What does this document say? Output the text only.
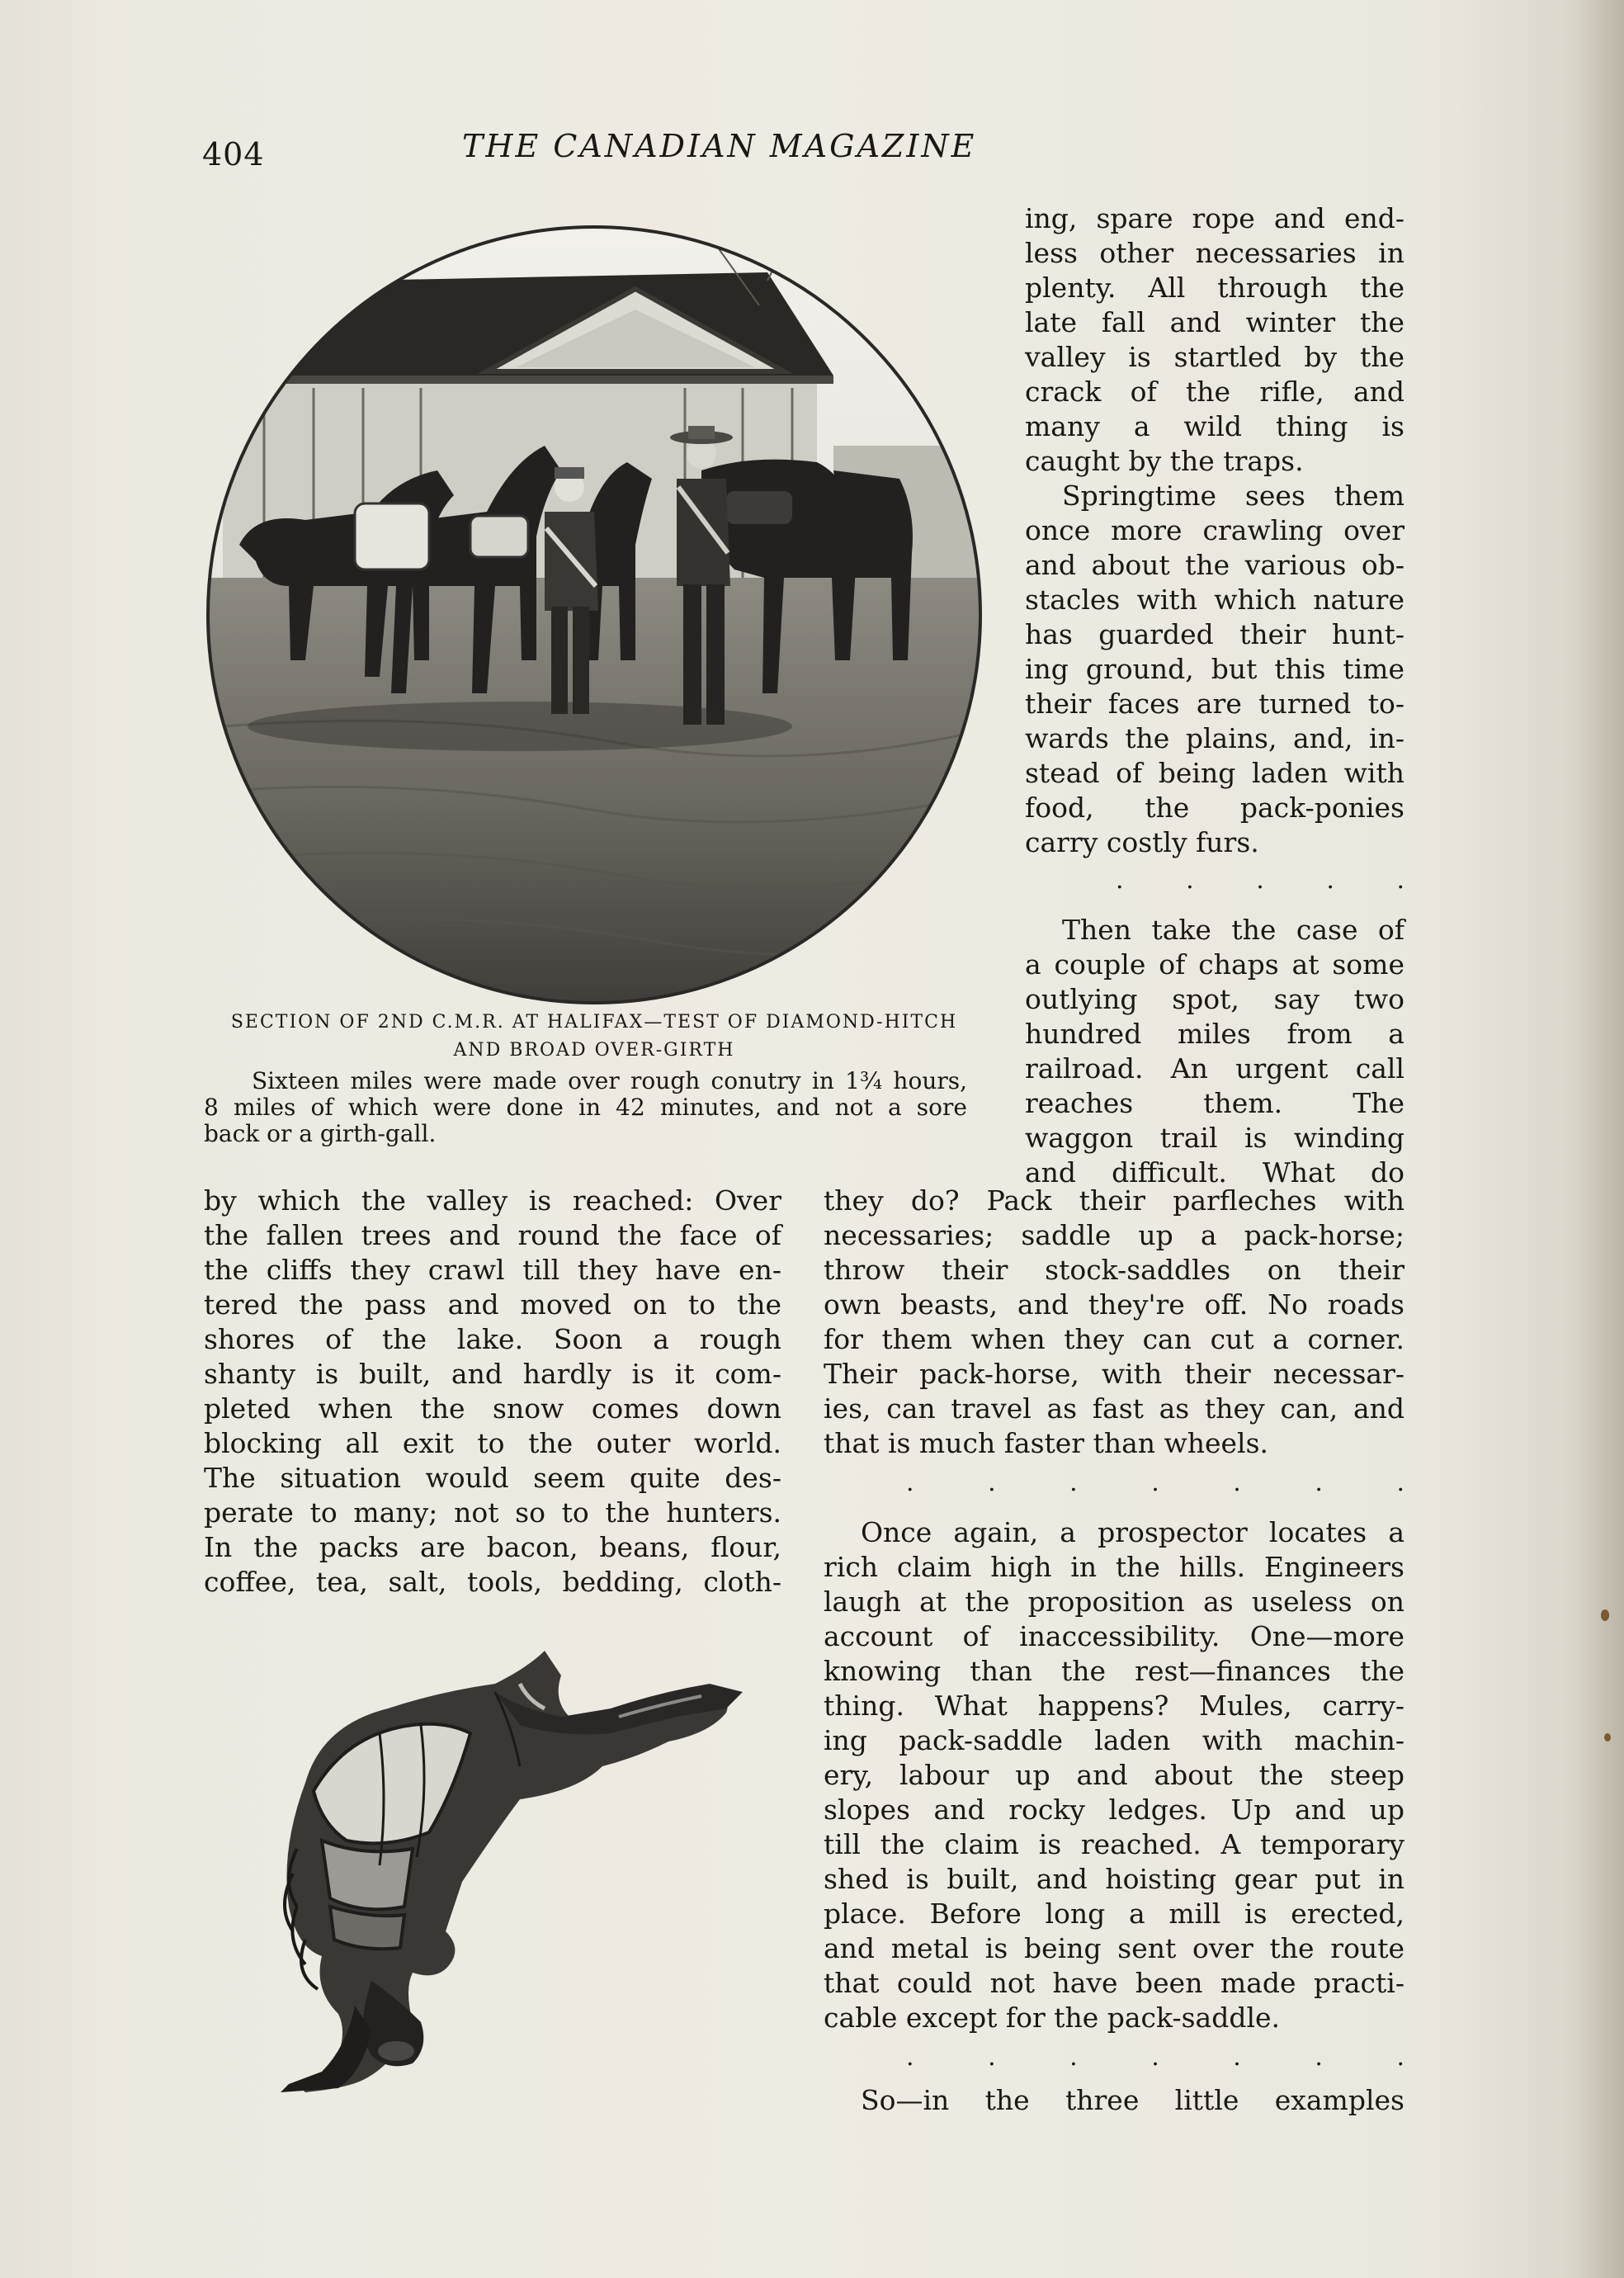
404	THE CANADIAN MAGAZINE
SECTION OF 2ND C.M.R. AT HALIFAX—TEST OF DIAMOND-HITCH
AND BROAD OVER-GIRTH
Sixteen miles were made over rough conutry in 1¾ hours,
8 miles of which were done in 42 minutes, and not a sore
back or a girth-gall.
ing, spare rope and end-
less other necessaries in
plenty. All through the
late fall and winter the
valley is startled by the
crack of the rifle, and
many a wild thing is
caught by the traps.
Springtime sees them
once more crawling over
and about the various ob-
stacles with which nature
has guarded their hunt-
ing ground, but this time
their faces are turned to-
wards the plains, and, in-
stead of being laden with
food, the pack-ponies
carry costly furs.
. . . . .
Then take the case of
a couple of chaps at some
outlying spot, say two
hundred miles from a
railroad. An urgent call
reaches them. The
waggon trail is winding
and difficult. What do
by which the valley is reached: Over
the fallen trees and round the face of
the cliffs they crawl till they have en-
tered the pass and moved on to the
shores of the lake. Soon a rough
shanty is built, and hardly is it com-
pleted when the snow comes down
blocking all exit to the outer world.
The situation would seem quite des-
perate to many; not so to the hunters.
In the packs are bacon, beans, flour,
coffee, tea, salt, tools, bedding, cloth-
they do? Pack their parfleches with
necessaries; saddle up a pack-horse;
throw their stock-saddles on their
own beasts, and they're off. No roads
for them when they can cut a corner.
Their pack-horse, with their necessar-
ies, can travel as fast as they can, and
that is much faster than wheels.
. . . . . . .
Once again, a prospector locates a
rich claim high in the hills. Engineers
laugh at the proposition as useless on
account of inaccessibility. One—more
knowing than the rest—finances the
thing. What happens? Mules, carry-
ing pack-saddle laden with machin-
ery, labour up and about the steep
slopes and rocky ledges. Up and up
till the claim is reached. A temporary
shed is built, and hoisting gear put in
place. Before long a mill is erected,
and metal is being sent over the route
that could not have been made practi-
cable except for the pack-saddle.
. . . . . . .
So—in the three little examples
